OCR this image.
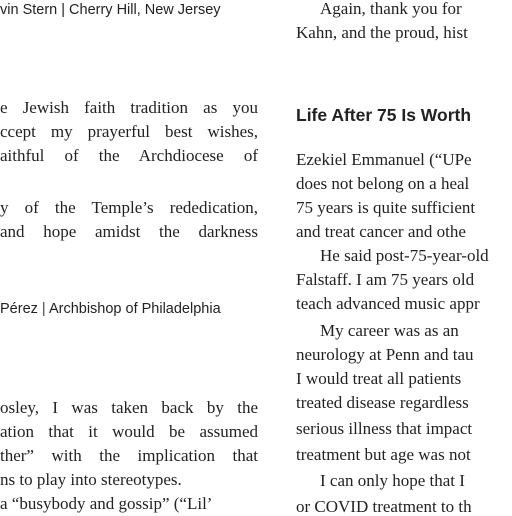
vin Stern | Cherry Hill, New Jersey
e Jewish faith tradition as you
ccept my prayerful best wishes,
aithful of the Archdiocese of
y of the Temple’s rededication,
and hope amidst the darkness
Pérez | Archbishop of Philadelphia
osley, I was taken back by the
ation that it would be assumed
ther” with the implication that
ns to play into stereotypes.
a “busybody and gossip” (“Lil’
Again, thank you for
Kahn, and the proud, hist
Life After 75 Is Worth
Ezekiel Emmanuel (“UPe
does not belong on a heal
75 years is quite sufficient
and treat cancer and othe
He said post-75-year-old
Falstaff. I am 75 years old
teach advanced music appr
My career was as an
neurology at Penn and tau
I would treat all patients
treated disease regardless
serious illness that impact
treatment but age was not
I can only hope that I
or COVID treatment to th
